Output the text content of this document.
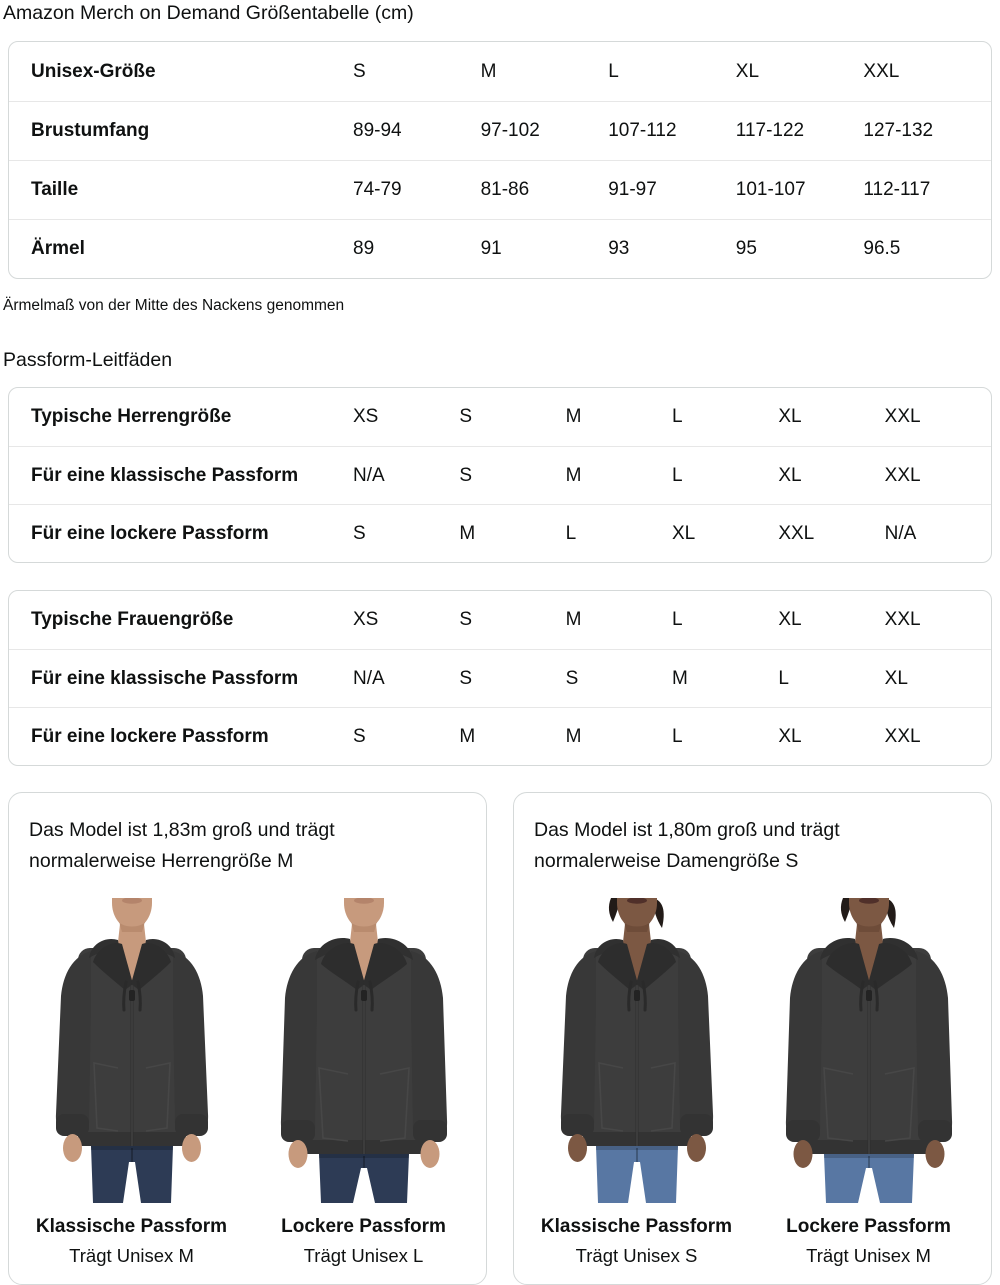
Amazon Merch on Demand Größentabelle (cm)
Unisex-Größe	S	M	L	XL	XXL
Brustumfang	89-94	97-102	107-112	117-122	127-132
Taille	74-79	81-86	91-97	101-107	112-117
Ärmel	89	91	93	95	96.5

Ärmelmaß von der Mitte des Nackens genommen

Passform-Leitfäden
Typische Herrengröße	XS	S	M	L	XL	XXL
Für eine klassische Passform	N/A	S	M	L	XL	XXL
Für eine lockere Passform	S	M	L	XL	XXL	N/A
Typische Frauengröße	XS	S	M	L	XL	XXL
Für eine klassische Passform	N/A	S	S	M	L	XL
Für eine lockere Passform	S	M	M	L	XL	XXL

Das Model ist 1,83m groß und trägt normalerweise Herrengröße M

Klassische Passform
Trägt Unisex M
Lockere Passform
Trägt Unisex L

Das Model ist 1,80m groß und trägt normalerweise Damengröße S

Klassische Passform
Trägt Unisex S
Lockere Passform
Trägt Unisex M
